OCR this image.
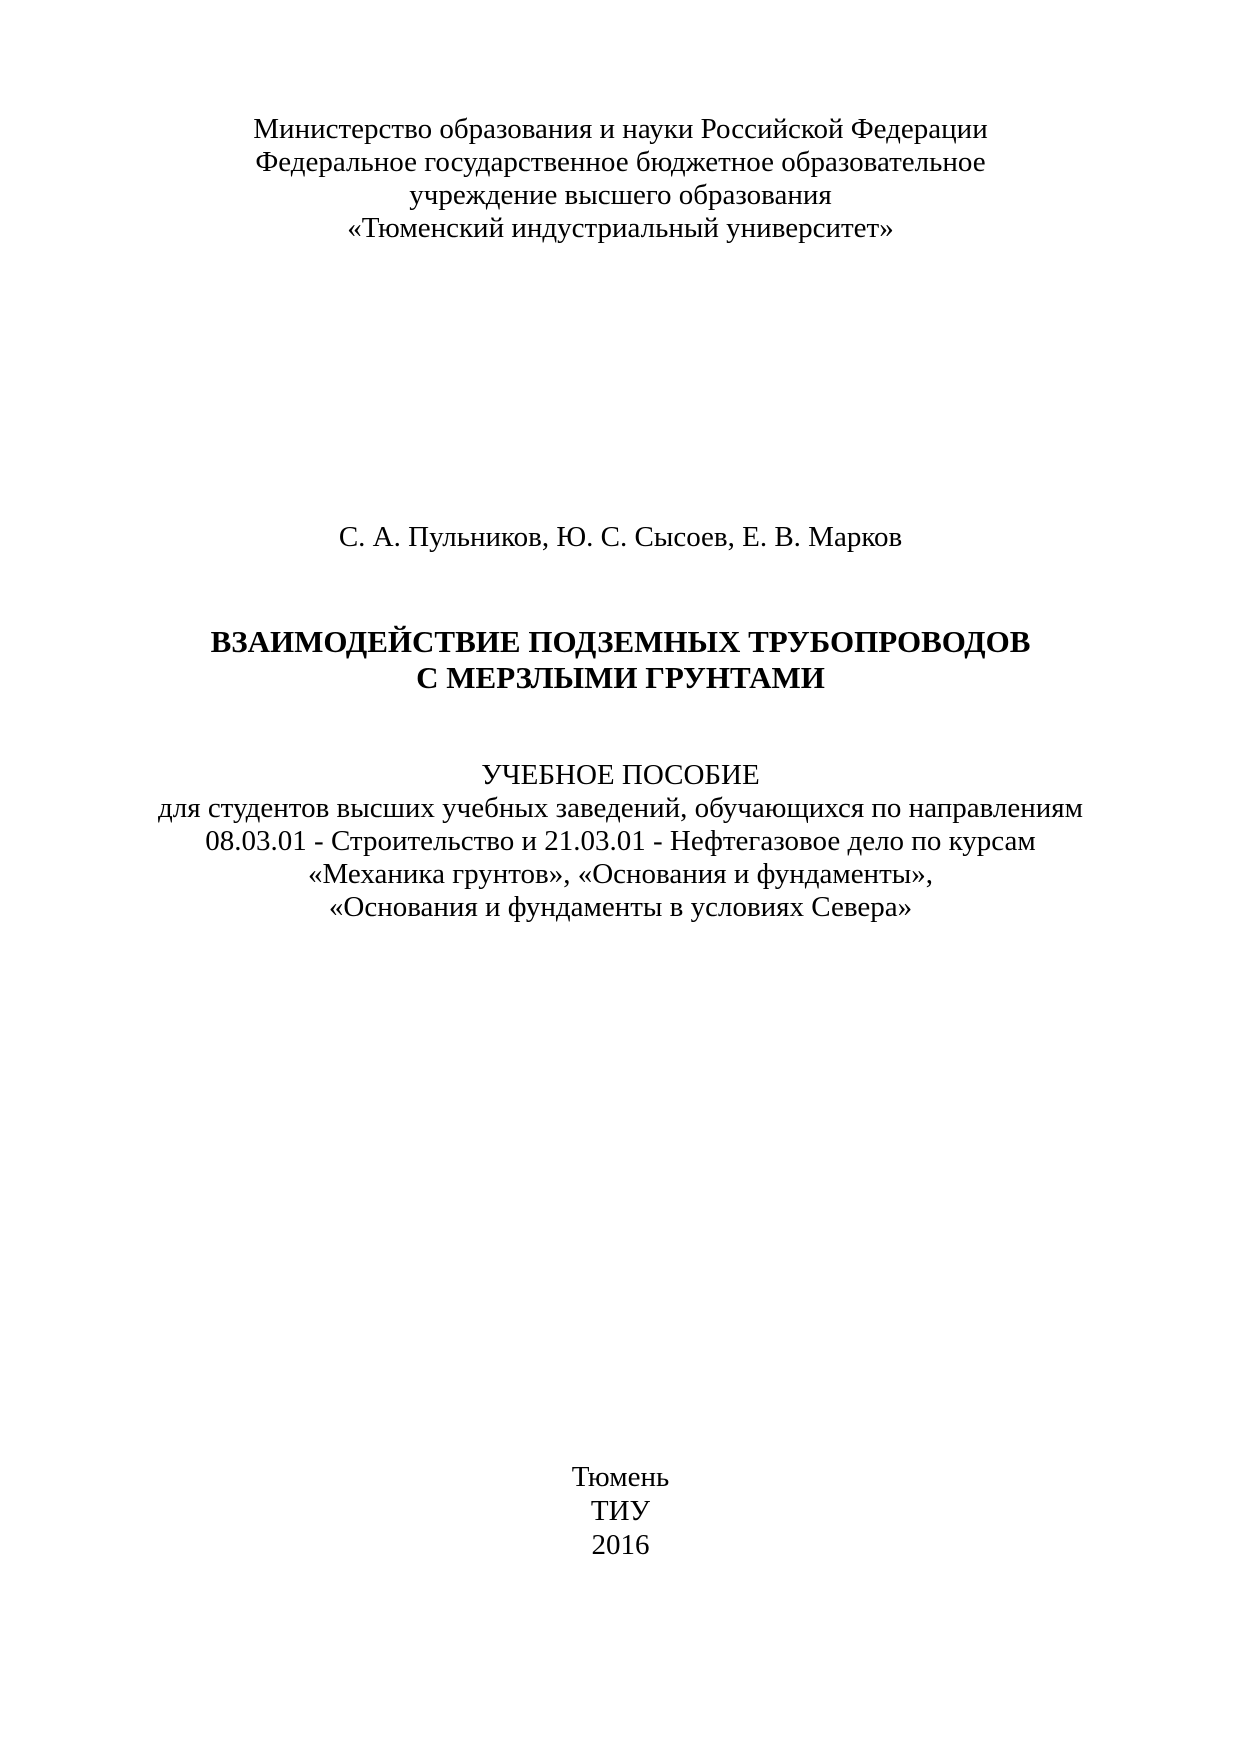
Министерство образования и науки Российской Федерации
Федеральное государственное бюджетное образовательное
учреждение высшего образования
«Тюменский индустриальный университет»
С. А. Пульников, Ю. С. Сысоев, Е. В. Марков
ВЗАИМОДЕЙСТВИЕ ПОДЗЕМНЫХ ТРУБОПРОВОДОВ
С МЕРЗЛЫМИ ГРУНТАМИ
УЧЕБНОЕ ПОСОБИЕ
для студентов высших учебных заведений, обучающихся по направлениям
08.03.01 - Строительство и 21.03.01 - Нефтегазовое дело по курсам
«Механика грунтов», «Основания и фундаменты»,
«Основания и фундаменты в условиях Севера»
Тюмень
ТИУ
2016
